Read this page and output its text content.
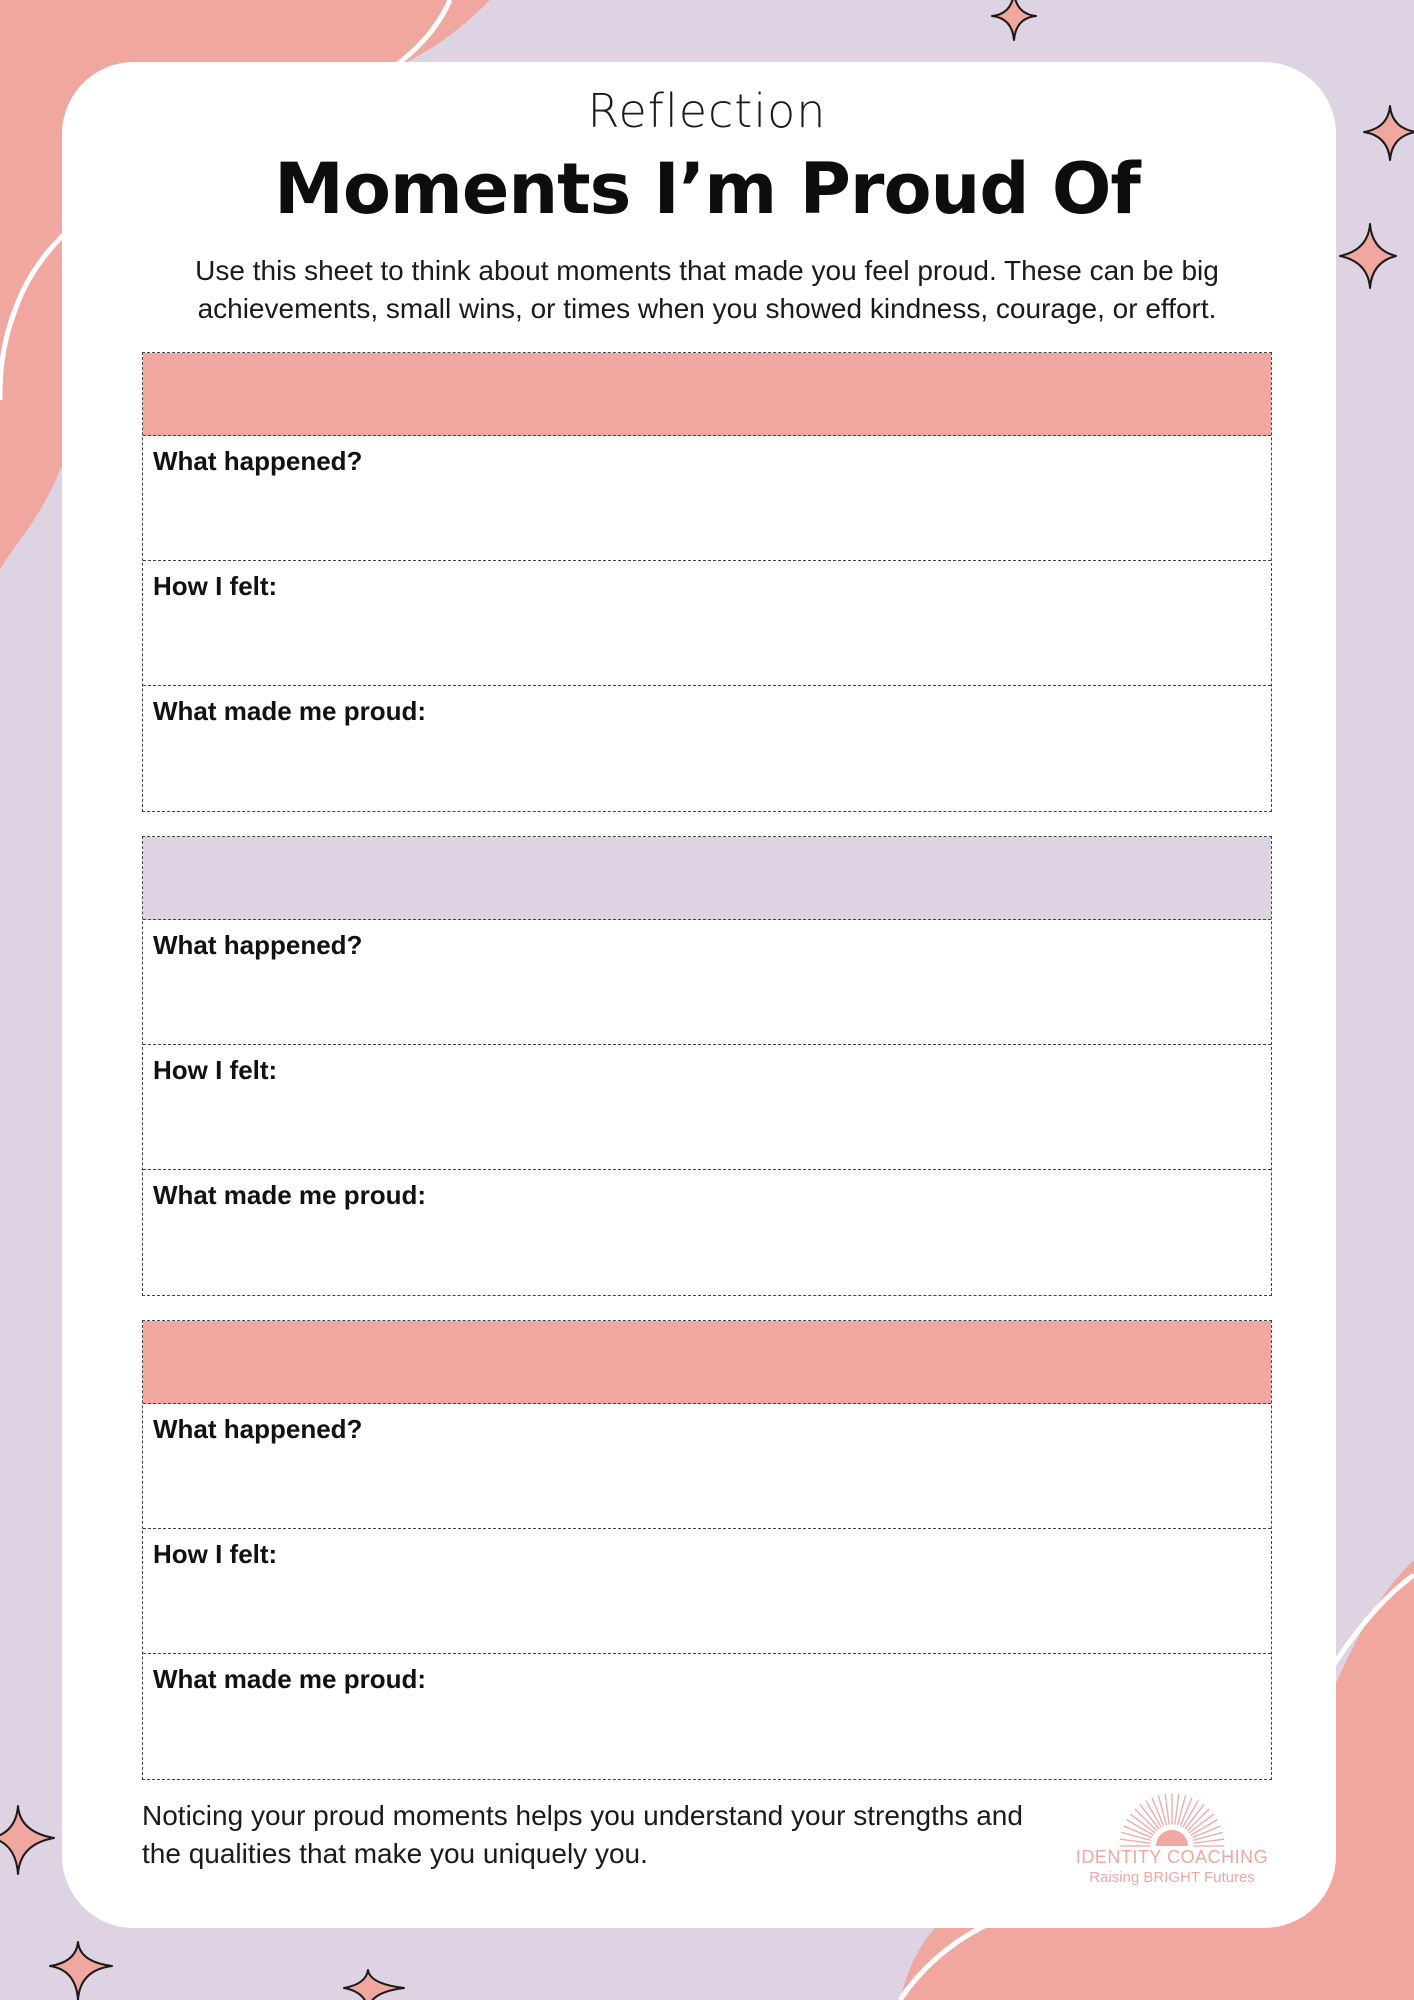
Reflection
Moments I’m Proud Of
Use this sheet to think about moments that made you feel proud. These can be big achievements, small wins, or times when you showed kindness, courage, or effort.
What happened?
How I felt:
What made me proud:
What happened?
How I felt:
What made me proud:
What happened?
How I felt:
What made me proud:
Noticing your proud moments helps you understand your strengths and the qualities that make you uniquely you.	IDENTITY COACHING
Raising BRIGHT Futures
